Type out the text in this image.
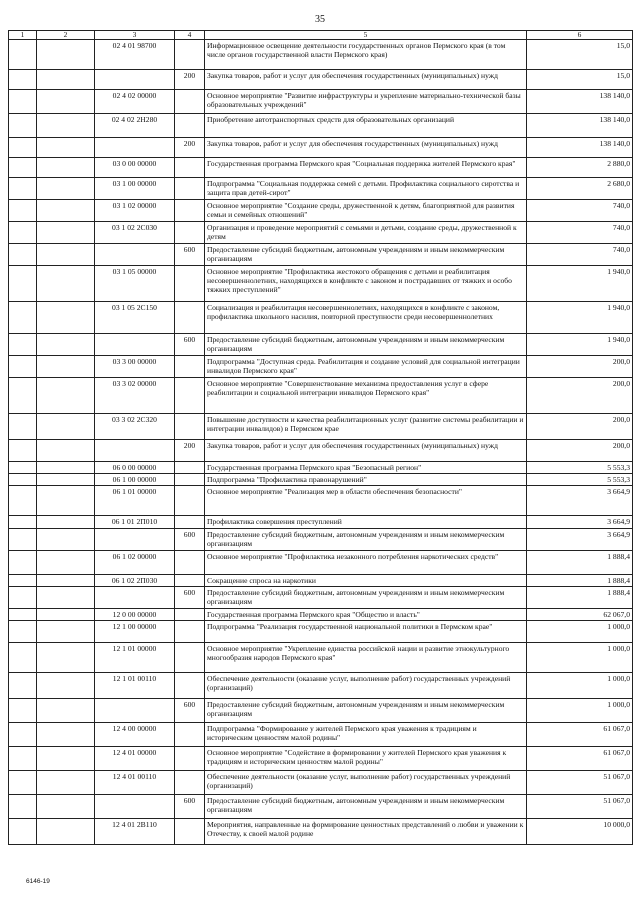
35
1	2	3	4	5	6
		02 4 01 98700		Информационное освещение деятельности государственных органов Пермского края (в том числе органов государственной власти Пермского края)	15,0
			200	Закупка товаров, работ и услуг для обеспечения государственных (муниципальных) нужд	15,0
		02 4 02 00000		Основное мероприятие "Развитие инфраструктуры и укрепление материально-технической базы образовательных учреждений"	138 140,0
		02 4 02 2Н280		Приобретение автотранспортных средств для образовательных организаций	138 140,0
			200	Закупка товаров, работ и услуг для обеспечения государственных (муниципальных) нужд	138 140,0
		03 0 00 00000		Государственная программа Пермского края "Социальная поддержка жителей Пермского края"	2 880,0
		03 1 00 00000		Подпрограмма "Социальная поддержка семей с детьми. Профилактика социального сиротства и защита прав детей-сирот"	2 680,0
		03 1 02 00000		Основное мероприятие "Создание среды, дружественной к детям, благоприятной для развития семьи и семейных отношений"	740,0
		03 1 02 2С030		Организация и проведение мероприятий с семьями и детьми, создание среды, дружественной к детям	740,0
			600	Предоставление субсидий бюджетным, автономным учреждениям и иным некоммерческим организациям	740,0
		03 1 05 00000		Основное мероприятие "Профилактика жестокого обращения с детьми и реабилитация несовершеннолетних, находящихся в конфликте с законом и пострадавших от тяжких и особо тяжких преступлений"	1 940,0
		03 1 05 2С150		Социализация и реабилитация несовершеннолетних, находящихся в конфликте с законом, профилактика школьного насилия, повторной преступности среди несовершеннолетних	1 940,0
			600	Предоставление субсидий бюджетным, автономным учреждениям и иным некоммерческим организациям	1 940,0
		03 3 00 00000		Подпрограмма "Доступная среда. Реабилитация и создание условий для социальной интеграции инвалидов Пермского края"	200,0
		03 3 02 00000		Основное мероприятие "Совершенствование механизма предоставления услуг в сфере реабилитации и социальной интеграции инвалидов Пермского края"	200,0
		03 3 02 2С320		Повышение доступности и качества реабилитационных услуг (развитие системы реабилитации и интеграции инвалидов) в Пермском крае	200,0
			200	Закупка товаров, работ и услуг для обеспечения государственных (муниципальных) нужд	200,0
		06 0 00 00000		Государственная программа Пермского края "Безопасный регион"	5 553,3
		06 1 00 00000		Подпрограмма "Профилактика правонарушений"	5 553,3
		06 1 01 00000		Основное мероприятие "Реализация мер в области обеспечения безопасности"	3 664,9
		06 1 01 2П010		Профилактика совершения преступлений	3 664,9
			600	Предоставление субсидий бюджетным, автономным учреждениям и иным некоммерческим организациям	3 664,9
		06 1 02 00000		Основное мероприятие "Профилактика незаконного потребления наркотических средств"	1 888,4
		06 1 02 2П030		Сокращение спроса на наркотики	1 888,4
			600	Предоставление субсидий бюджетным, автономным учреждениям и иным некоммерческим организациям	1 888,4
		12 0 00 00000		Государственная программа Пермского края "Общество и власть"	62 067,0
		12 1 00 00000		Подпрограмма "Реализация государственной национальной политики в Пермском крае"	1 000,0
		12 1 01 00000		Основное мероприятие "Укрепление единства российской нации и развитие этнокультурного многообразия народов Пермского края"	1 000,0
		12 1 01 00110		Обеспечение деятельности (оказание услуг, выполнение работ) государственных учреждений (организаций)	1 000,0
			600	Предоставление субсидий бюджетным, автономным учреждениям и иным некоммерческим организациям	1 000,0
		12 4 00 00000		Подпрограмма "Формирование у жителей Пермского края уважения к традициям и историческим ценностям малой родины"	61 067,0
		12 4 01 00000		Основное мероприятие "Содействие в формировании у жителей Пермского края уважения к традициям и историческим ценностям малой родины"	61 067,0
		12 4 01 00110		Обеспечение деятельности (оказание услуг, выполнение работ) государственных учреждений (организаций)	51 067,0
			600	Предоставление субсидий бюджетным, автономным учреждениям и иным некоммерческим организациям	51 067,0
		12 4 01 2В110		Мероприятия, направленные на формирование ценностных представлений о любви и уважении к Отечеству, к своей малой родине	10 000,0
6146-19
